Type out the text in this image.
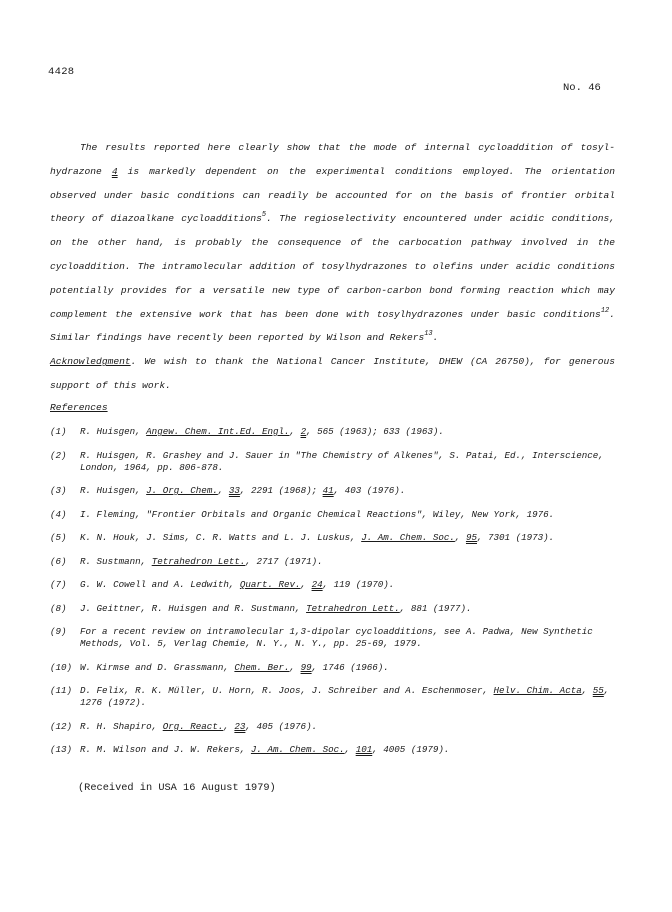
4428
No. 46

The results reported here clearly show that the mode of internal cycloaddition of tosyl-hydrazone 4 is markedly dependent on the experimental conditions employed. The orientation observed under basic conditions can readily be accounted for on the basis of frontier orbital theory of diazoalkane cycloadditions$^5$. The regioselectivity encountered under acidic conditions, on the other hand, is probably the consequence of the carbocation pathway involved in the cycloaddition. The intramolecular addition of tosylhydrazones to olefins under acidic conditions potentially provides for a versatile new type of carbon-carbon bond forming reaction which may complement the extensive work that has been done with tosylhydrazones under basic conditions$^{12}$. Similar findings have recently been reported by Wilson and Rekers$^{13}$.

Acknowledgment. We wish to thank the National Cancer Institute, DHEW (CA 26750), for generous support of this work.

References
(1)	R. Huisgen, Angew. Chem. Int.Ed. Engl., 2, 565 (1963); 633 (1963).
(2)	R. Huisgen, R. Grashey and J. Sauer in "The Chemistry of Alkenes", S. Patai, Ed., Interscience, London, 1964, pp. 806-878.
(3)	R. Huisgen, J. Org. Chem., 33, 2291 (1968); 41, 403 (1976).
(4)	I. Fleming, "Frontier Orbitals and Organic Chemical Reactions", Wiley, New York, 1976.
(5)	K. N. Houk, J. Sims, C. R. Watts and L. J. Luskus, J. Am. Chem. Soc., 95, 7301 (1973).
(6)	R. Sustmann, Tetrahedron Lett., 2717 (1971).
(7)	G. W. Cowell and A. Ledwith, Quart. Rev., 24, 119 (1970).
(8)	J. Geittner, R. Huisgen and R. Sustmann, Tetrahedron Lett., 881 (1977).
(9)	For a recent review on intramolecular 1,3-dipolar cycloadditions, see A. Padwa, New Synthetic Methods, Vol. 5, Verlag Chemie, N. Y., N. Y., pp. 25-69, 1979.
(10) W. Kirmse and D. Grassmann, Chem. Ber., 99, 1746 (1966).
(11) D. Felix, R. K. Müller, U. Horn, R. Joos, J. Schreiber and A. Eschenmoser, Helv. Chim. Acta, 55, 1276 (1972).
(12) R. H. Shapiro, Org. React., 23, 405 (1976).
(13) R. M. Wilson and J. W. Rekers, J. Am. Chem. Soc., 101, 4005 (1979).
(Received in USA 16 August 1979)
